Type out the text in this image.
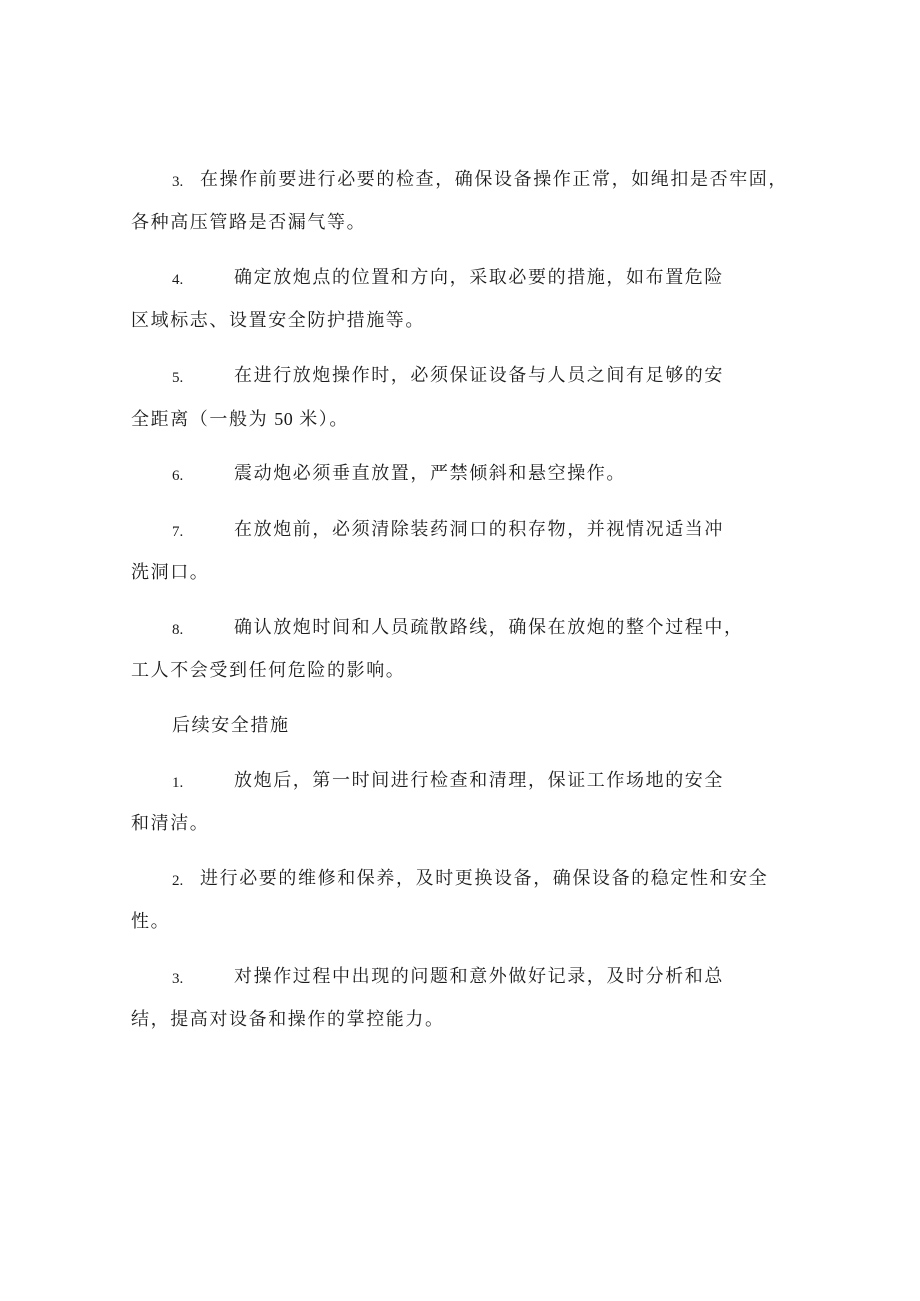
3. 在操作前要进行必要的检查，确保设备操作正常，如绳扣是否牢固，
各种高压管路是否漏气等。
4.	确定放炮点的位置和方向，采取必要的措施，如布置危险
区域标志、设置安全防护措施等。
5.	在进行放炮操作时，必须保证设备与人员之间有足够的安
全距离（一般为 50 米）。
6.	震动炮必须垂直放置，严禁倾斜和悬空操作。
7.	在放炮前，必须清除装药洞口的积存物，并视情况适当冲
洗洞口。
8.	确认放炮时间和人员疏散路线，确保在放炮的整个过程中，
工人不会受到任何危险的影响。
后续安全措施
1.	放炮后，第一时间进行检查和清理，保证工作场地的安全
和清洁。
2. 进行必要的维修和保养，及时更换设备，确保设备的稳定性和安全
性。
3.	对操作过程中出现的问题和意外做好记录，及时分析和总
结，提高对设备和操作的掌控能力。
